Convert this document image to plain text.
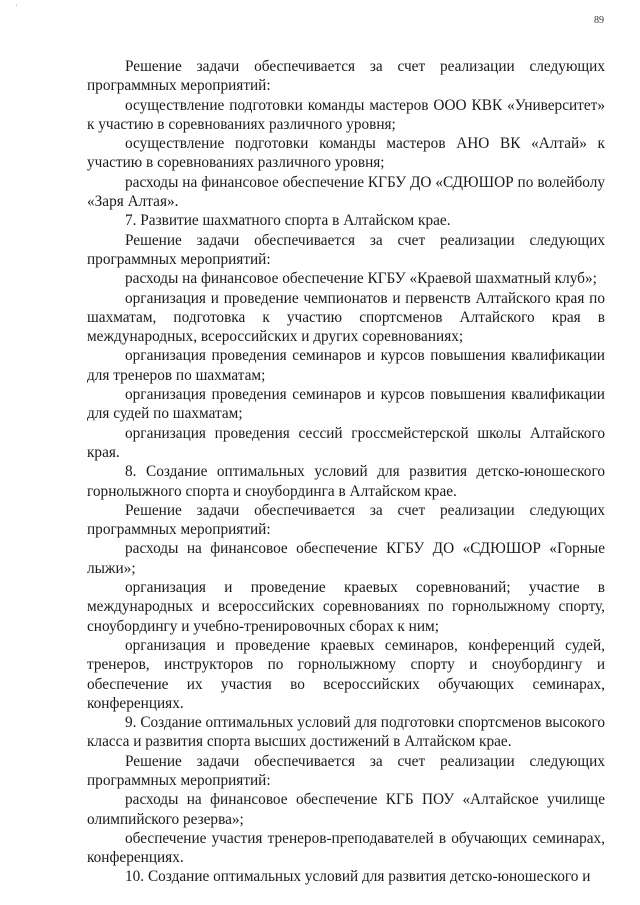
'
89

Решение задачи обеспечивается за счет реализации следующих программных мероприятий:

осуществление подготовки команды мастеров ООО КВК «Университет» к участию в соревнованиях различного уровня;

осуществление подготовки команды мастеров АНО ВК «Алтай» к участию в соревнованиях различного уровня;

расходы на финансовое обеспечение КГБУ ДО «СДЮШОР по волейболу «Заря Алтая».

7. Развитие шахматного спорта в Алтайском крае.

Решение задачи обеспечивается за счет реализации следующих программных мероприятий:

расходы на финансовое обеспечение КГБУ «Краевой шахматный клуб»;

организация и проведение чемпионатов и первенств Алтайского края по шахматам, подготовка к участию спортсменов Алтайского края в международных, всероссийских и других соревнованиях;

организация проведения семинаров и курсов повышения квалификации для тренеров по шахматам;

организация проведения семинаров и курсов повышения квалификации для судей по шахматам;

организация проведения сессий гроссмейстерской школы Алтайского края.

8. Создание оптимальных условий для развития детско-юношеского горнолыжного спорта и сноубординга в Алтайском крае.

Решение задачи обеспечивается за счет реализации следующих программных мероприятий:

расходы на финансовое обеспечение КГБУ ДО «СДЮШОР «Горные лыжи»;

организация и проведение краевых соревнований; участие в международных и всероссийских соревнованиях по горнолыжному спорту, сноубордингу и учебно-тренировочных сборах к ним;

организация и проведение краевых семинаров, конференций судей, тренеров, инструкторов по горнолыжному спорту и сноубордингу и обеспечение их участия во всероссийских обучающих семинарах, конференциях.

9. Создание оптимальных условий для подготовки спортсменов высокого класса и развития спорта высших достижений в Алтайском крае.

Решение задачи обеспечивается за счет реализации следующих программных мероприятий:

расходы на финансовое обеспечение КГБ ПОУ «Алтайское училище олимпийского резерва»;

обеспечение участия тренеров-преподавателей в обучающих семинарах, конференциях.

10. Создание оптимальных условий для развития детско-юношеского и
